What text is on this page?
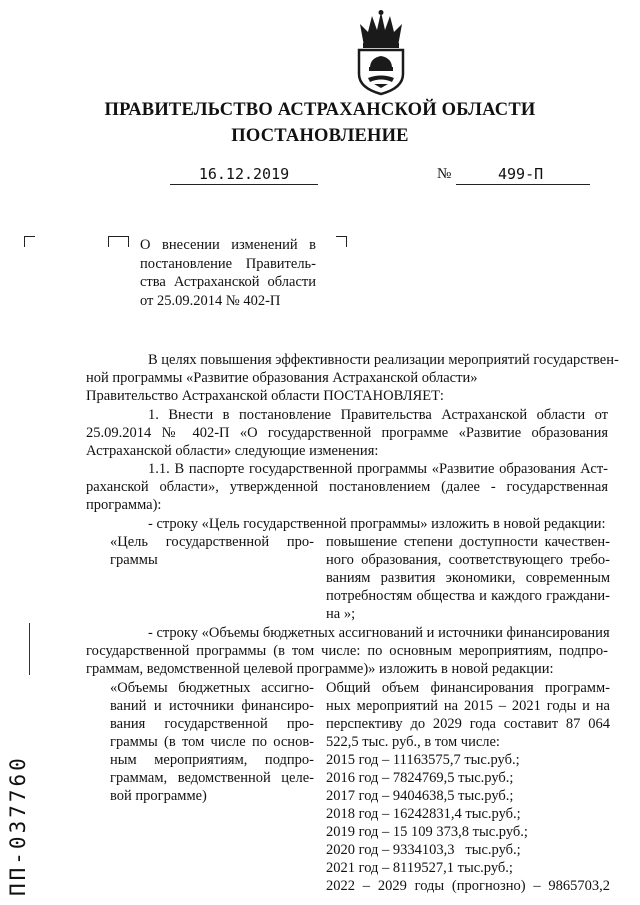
ПРАВИТЕЛЬСТВО АСТРАХАНСКОЙ ОБЛАСТИ
ПОСТАНОВЛЕНИЕ
16.12.2019	№	499-П
О внесении изменений в
постановление Правитель-
ства Астраханской области
от 25.09.2014 № 402-П
В целях повышения эффективности реализации мероприятий государствен-
ной программы «Развитие образования Астраханской области»
Правительство Астраханской области ПОСТАНОВЛЯЕТ:
1. Внести в постановление Правительства Астраханской области от
25.09.2014 № 402-П «О государственной программе «Развитие образования
Астраханской области» следующие изменения:
1.1. В паспорте государственной программы «Развитие образования Аст-
раханской области», утвержденной постановлением (далее - государственная
программа):
- строку «Цель государственной программы» изложить в новой редакции:
«Цель государственной про-
граммы
повышение степени доступности качествен-
ного образования, соответствующего требо-
ваниям развития экономики, современным
потребностям общества и каждого граждани-
на »;
- строку «Объемы бюджетных ассигнований и источники финансирования
государственной программы (в том числе: по основным мероприятиям, подпро-
граммам, ведомственной целевой программе)» изложить в новой редакции:
«Объемы бюджетных ассигно-
ваний и источники финансиро-
вания государственной про-
граммы (в том числе по основ-
ным мероприятиям, подпро-
граммам, ведомственной целе-
вой программе)
Общий объем финансирования программ-
ных мероприятий на 2015 – 2021 годы и на
перспективу до 2029 года составит 87 064
522,5 тыс. руб., в том числе:
2015 год – 11163575,7 тыс.руб.;
2016 год – 7824769,5 тыс.руб.;
2017 год – 9404638,5 тыс.руб.;
2018 год – 16242831,4 тыс.руб.;
2019 год – 15 109 373,8 тыс.руб.;
2020 год – 9334103,3   тыс.руб.;
2021 год – 8119527,1 тыс.руб.;
2022 – 2029 годы (прогнозно) – 9865703,2
ПП-037760
